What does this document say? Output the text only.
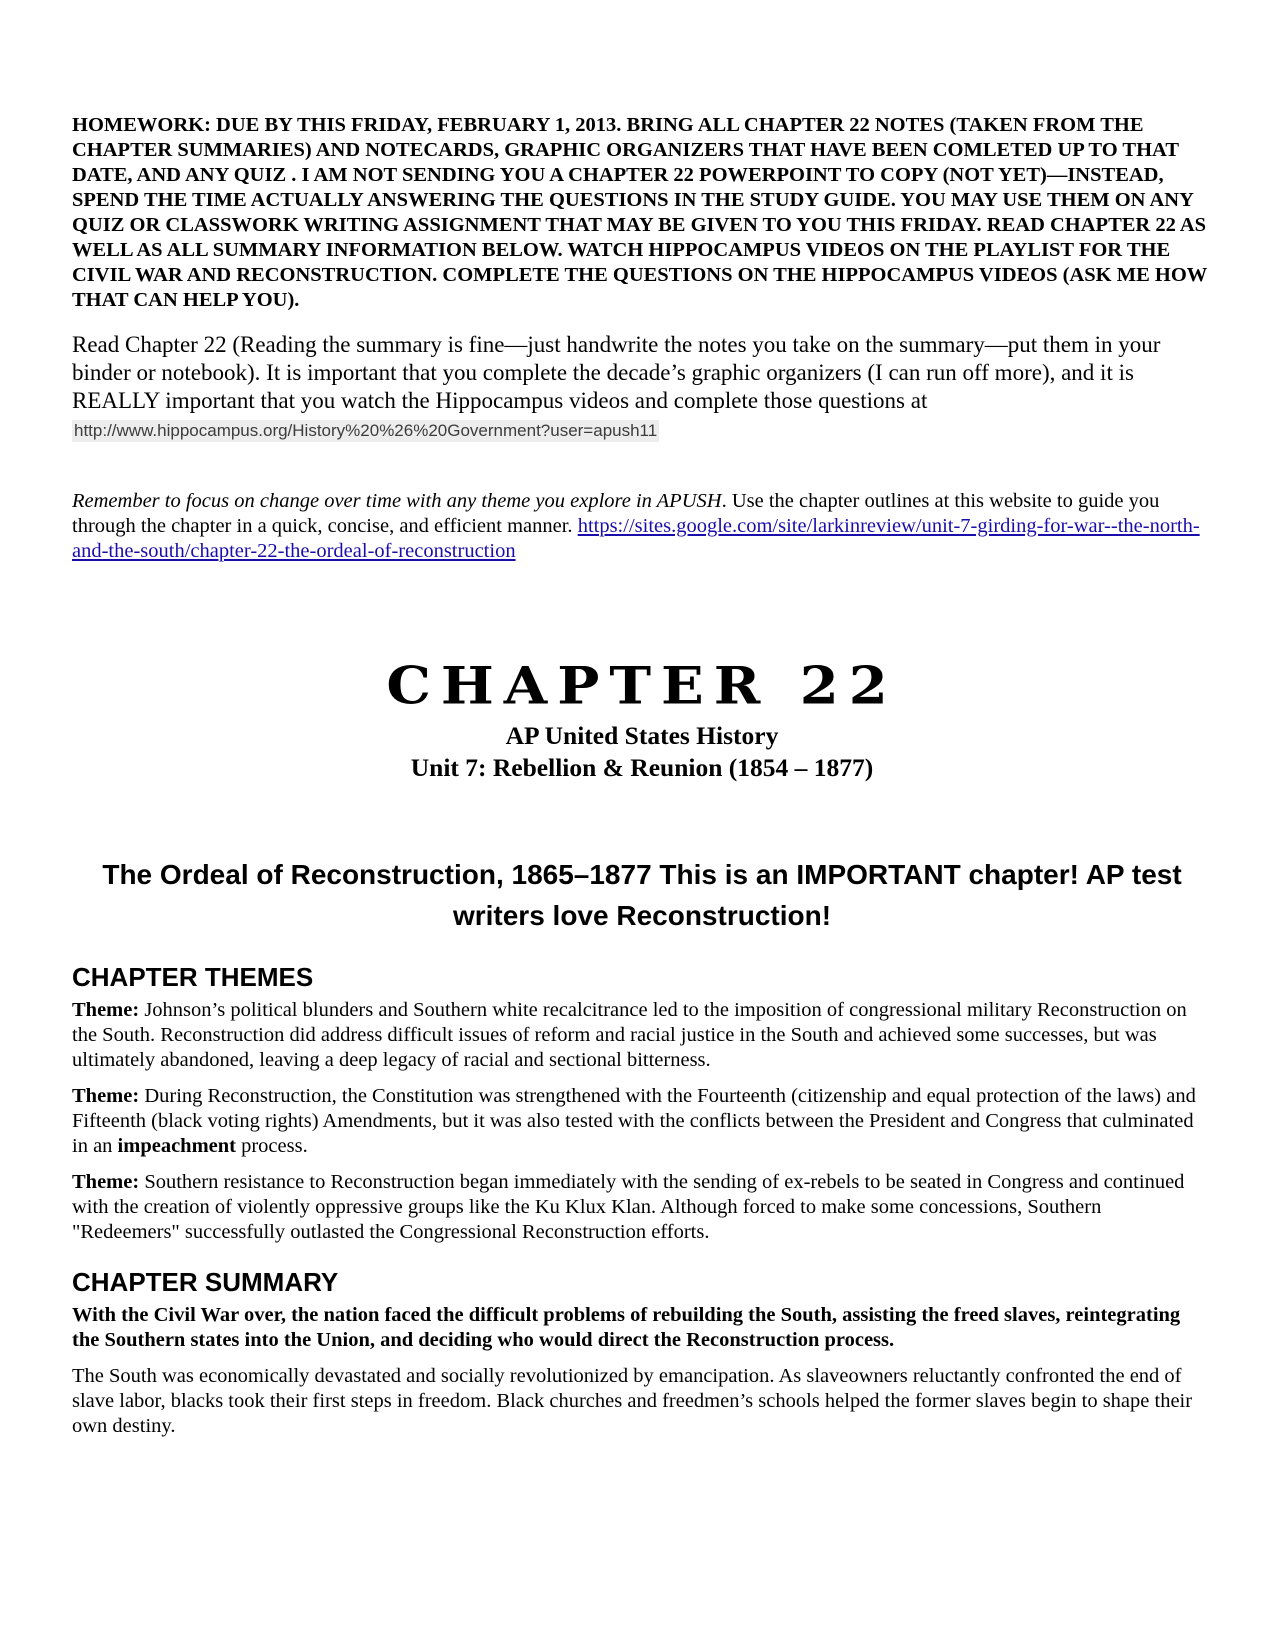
HOMEWORK: DUE BY THIS FRIDAY, FEBRUARY 1, 2013. BRING ALL CHAPTER 22 NOTES (TAKEN FROM THE CHAPTER SUMMARIES) AND NOTECARDS, GRAPHIC ORGANIZERS THAT HAVE BEEN COMLETED UP TO THAT DATE, AND ANY QUIZ . I AM NOT SENDING YOU A CHAPTER 22 POWERPOINT TO COPY (NOT YET)—INSTEAD, SPEND THE TIME ACTUALLY ANSWERING THE QUESTIONS IN THE STUDY GUIDE. YOU MAY USE THEM ON ANY QUIZ OR CLASSWORK WRITING ASSIGNMENT THAT MAY BE GIVEN TO YOU THIS FRIDAY. READ CHAPTER 22 AS WELL AS ALL SUMMARY INFORMATION BELOW. WATCH HIPPOCAMPUS VIDEOS ON THE PLAYLIST FOR THE CIVIL WAR AND RECONSTRUCTION. COMPLETE THE QUESTIONS ON THE HIPPOCAMPUS VIDEOS (ASK ME HOW THAT CAN HELP YOU).

Read Chapter 22 (Reading the summary is fine—just handwrite the notes you take on the summary—put them in your binder or notebook). It is important that you complete the decade’s graphic organizers (I can run off more), and it is REALLY important that you watch the Hippocampus videos and complete those questions at
http://www.hippocampus.org/History%20%26%20Government?user=apush11

Remember to focus on change over time with any theme you explore in APUSH. Use the chapter outlines at this website to guide you through the chapter in a quick, concise, and efficient manner. https://sites.google.com/site/larkinreview/unit-7-girding-for-war--the-north-and-the-south/chapter-22-the-ordeal-of-reconstruction

CHAPTER 22
AP United States History
Unit 7: Rebellion & Reunion (1854 – 1877)
The Ordeal of Reconstruction, 1865–1877 This is an IMPORTANT chapter! AP test writers love Reconstruction!
CHAPTER THEMES

Theme: Johnson’s political blunders and Southern white recalcitrance led to the imposition of congressional military Reconstruction on the South. Reconstruction did address difficult issues of reform and racial justice in the South and achieved some successes, but was ultimately abandoned, leaving a deep legacy of racial and sectional bitterness.

Theme: During Reconstruction, the Constitution was strengthened with the Fourteenth (citizenship and equal protection of the laws) and Fifteenth (black voting rights) Amendments, but it was also tested with the conflicts between the President and Congress that culminated in an impeachment process.

Theme: Southern resistance to Reconstruction began immediately with the sending of ex-rebels to be seated in Congress and continued with the creation of violently oppressive groups like the Ku Klux Klan. Although forced to make some concessions, Southern "Redeemers" successfully outlasted the Congressional Reconstruction efforts.

CHAPTER SUMMARY

With the Civil War over, the nation faced the difficult problems of rebuilding the South, assisting the freed slaves, reintegrating the Southern states into the Union, and deciding who would direct the Reconstruction process.

The South was economically devastated and socially revolutionized by emancipation. As slaveowners reluctantly confronted the end of slave labor, blacks took their first steps in freedom. Black churches and freedmen’s schools helped the former slaves begin to shape their own destiny.
